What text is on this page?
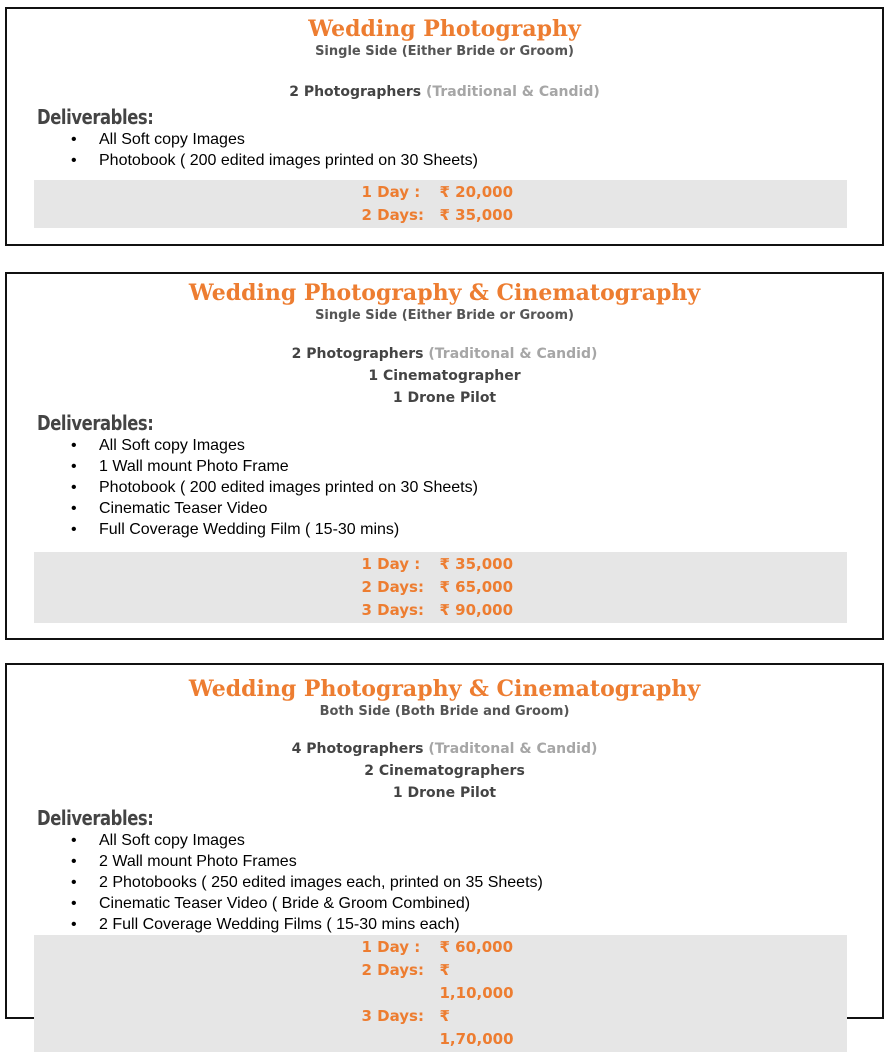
Wedding Photography
Single Side (Either Bride or Groom)
2 Photographers (Traditional & Candid)
Deliverables:
• All Soft copy Images
• Photobook ( 200 edited images printed on 30 Sheets)
1 Day :	₹ 20,000
2 Days:	₹ 35,000
Wedding Photography & Cinematography
Single Side (Either Bride or Groom)
2 Photographers (Traditonal & Candid)
1 Cinematographer
1 Drone Pilot
Deliverables:
• All Soft copy Images
• 1 Wall mount Photo Frame
• Photobook ( 200 edited images printed on 30 Sheets)
• Cinematic Teaser Video
• Full Coverage Wedding Film ( 15-30 mins)
1 Day :	₹ 35,000
2 Days:	₹ 65,000
3 Days:	₹ 90,000
Wedding Photography & Cinematography
Both Side (Both Bride and Groom)
4 Photographers (Traditonal & Candid)
2 Cinematographers
1 Drone Pilot
Deliverables:
• All Soft copy Images
• 2 Wall mount Photo Frames
• 2 Photobooks ( 250 edited images each, printed on 35 Sheets)
• Cinematic Teaser Video ( Bride & Groom Combined)
• 2 Full Coverage Wedding Films ( 15-30 mins each)
1 Day :	₹ 60,000
2 Days:	₹ 1,10,000
3 Days:	₹ 1,70,000
